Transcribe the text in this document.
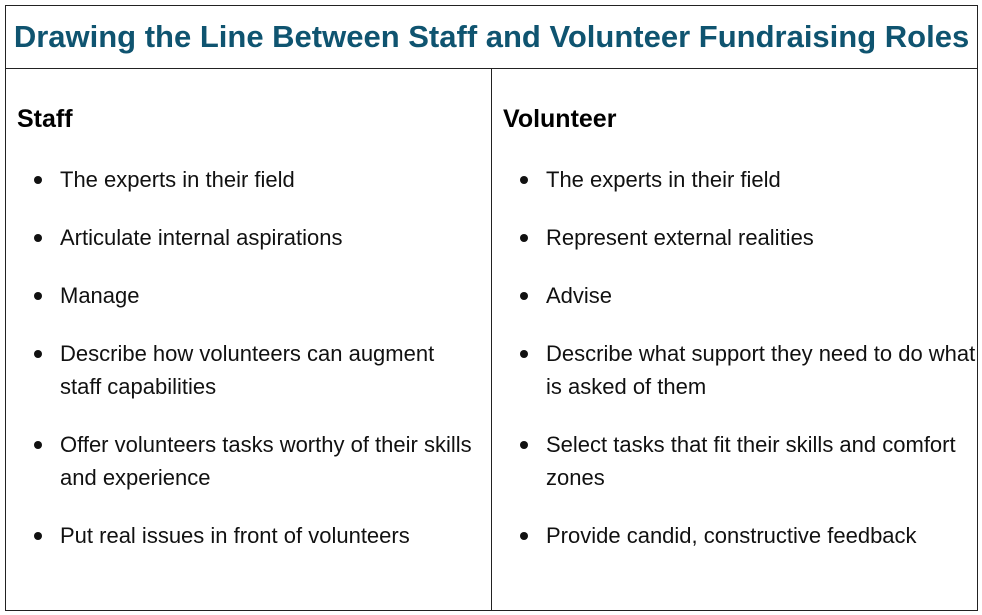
Drawing the Line Between Staff and Volunteer Fundraising Roles
Staff
The experts in their field
Articulate internal aspirations
Manage
Describe how volunteers can augment staff capabilities
Offer volunteers tasks worthy of their skills and experience
Put real issues in front of volunteers
Volunteer
The experts in their field
Represent external realities
Advise
Describe what support they need to do what is asked of them
Select tasks that fit their skills and comfort zones
Provide candid, constructive feedback
